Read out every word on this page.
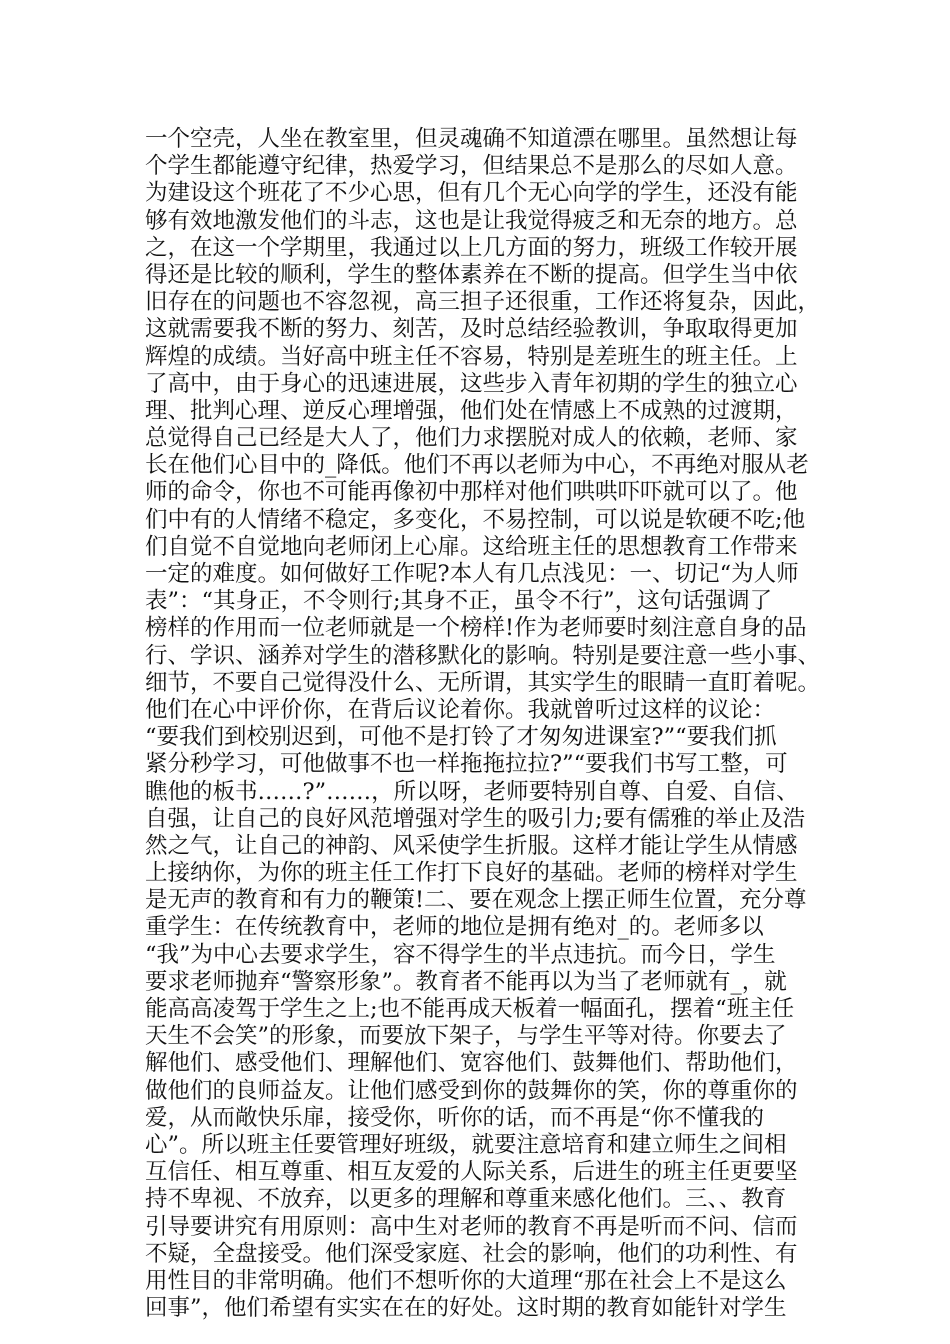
一个空壳，人坐在教室里，但灵魂确不知道漂在哪里。虽然想让每
个学生都能遵守纪律，热爱学习，但结果总不是那么的尽如人意。
为建设这个班花了不少心思，但有几个无心向学的学生，还没有能
够有效地激发他们的斗志，这也是让我觉得疲乏和无奈的地方。总
之，在这一个学期里，我通过以上几方面的努力，班级工作较开展
得还是比较的顺利，学生的整体素养在不断的提高。但学生当中依
旧存在的问题也不容忽视，高三担子还很重，工作还将复杂，因此，
这就需要我不断的努力、刻苦，及时总结经验教训，争取取得更加
辉煌的成绩。当好高中班主任不容易，特别是差班生的班主任。上
了高中，由于身心的迅速进展，这些步入青年初期的学生的独立心
理、批判心理、逆反心理增强，他们处在情感上不成熟的过渡期，
总觉得自己已经是大人了，他们力求摆脱对成人的依赖，老师、家
长在他们心目中的_降低。他们不再以老师为中心，不再绝对服从老
师的命令，你也不可能再像初中那样对他们哄哄吓吓就可以了。他
们中有的人情绪不稳定，多变化，不易控制，可以说是软硬不吃;他
们自觉不自觉地向老师闭上心扉。这给班主任的思想教育工作带来
一定的难度。如何做好工作呢?本人有几点浅见：一、切记“为人师
表”：“其身正，不令则行;其身不正，虽令不行”，这句话强调了
榜样的作用而一位老师就是一个榜样!作为老师要时刻注意自身的品
行、学识、涵养对学生的潜移默化的影响。特别是要注意一些小事、
细节，不要自己觉得没什么、无所谓，其实学生的眼睛一直盯着呢。
他们在心中评价你，在背后议论着你。我就曾听过这样的议论：
“要我们到校别迟到，可他不是打铃了才匆匆进课室?”“要我们抓
紧分秒学习，可他做事不也一样拖拖拉拉?”“要我们书写工整，可
瞧他的板书……?”……，所以呀，老师要特别自尊、自爱、自信、
自强，让自己的良好风范增强对学生的吸引力;要有儒雅的举止及浩
然之气，让自己的神韵、风采使学生折服。这样才能让学生从情感
上接纳你，为你的班主任工作打下良好的基础。老师的榜样对学生
是无声的教育和有力的鞭策!二、要在观念上摆正师生位置，充分尊
重学生：在传统教育中，老师的地位是拥有绝对_的。老师多以
“我”为中心去要求学生，容不得学生的半点违抗。而今日，学生
要求老师抛弃“警察形象”。教育者不能再以为当了老师就有_，就
能高高凌驾于学生之上;也不能再成天板着一幅面孔，摆着“班主任
天生不会笑”的形象，而要放下架子，与学生平等对待。你要去了
解他们、感受他们、理解他们、宽容他们、鼓舞他们、帮助他们，
做他们的良师益友。让他们感受到你的鼓舞你的笑，你的尊重你的
爱，从而敞快乐扉，接受你，听你的话，而不再是“你不懂我的
心”。所以班主任要管理好班级，就要注意培育和建立师生之间相
互信任、相互尊重、相互友爱的人际关系，后进生的班主任更要坚
持不卑视、不放弃，以更多的理解和尊重来感化他们。三、、教育
引导要讲究有用原则：高中生对老师的教育不再是听而不问、信而
不疑，全盘接受。他们深受家庭、社会的影响，他们的功利性、有
用性目的非常明确。他们不想听你的大道理“那在社会上不是这么
回事”，他们希望有实实在在的好处。这时期的教育如能针对学生
